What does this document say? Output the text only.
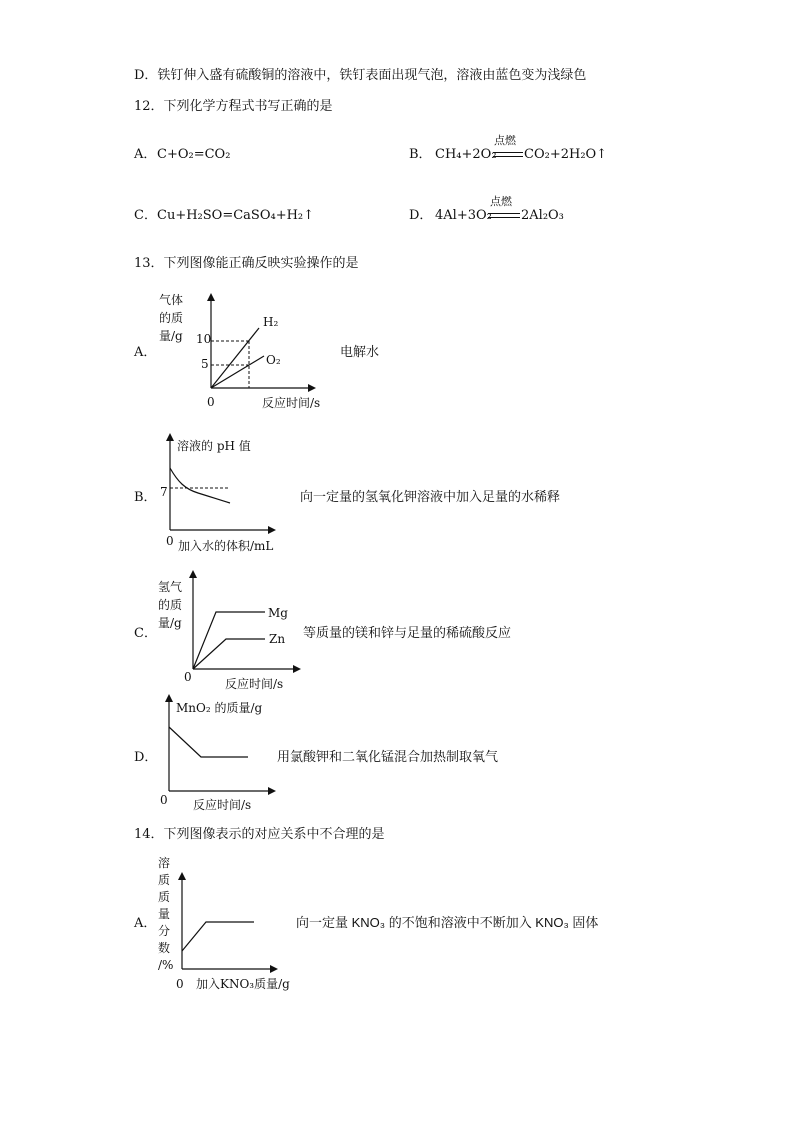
D．铁钉伸入盛有硫酸铜的溶液中，铁钉表面出现气泡，溶液由蓝色变为浅绿色
12．下列化学方程式书写正确的是
A． C+O₂=CO₂	B． CH₄+2O₂
点燃
CO₂+2H₂O↑
C． Cu+H₂SO=CaSO₄+H₂↑	D． 4Al+3O₂
点燃
2Al₂O₃
13．下列图像能正确反映实验操作的是
A．
气体
的质
量/g 10
5
0	反应时间/s
H₂
O₂
电解水
B．
溶液的 pH 值
7
0 加入水的体积/mL
向一定量的氢氧化钾溶液中加入足量的水稀释
C．
氢气
的质
量/g
0	反应时间/s
Mg
Zn 等质量的镁和锌与足量的稀硫酸反应
D．
MnO₂ 的质量/g
0 反应时间/s
用氯酸钾和二氧化锰混合加热制取氧气
14．下列图像表示的对应关系中不合理的是
A．
溶
质
质
量
分
数
/%
0 加入KNO₃质量/g
向一定量 KNO₃ 的不饱和溶液中不断加入 KNO₃ 固体
